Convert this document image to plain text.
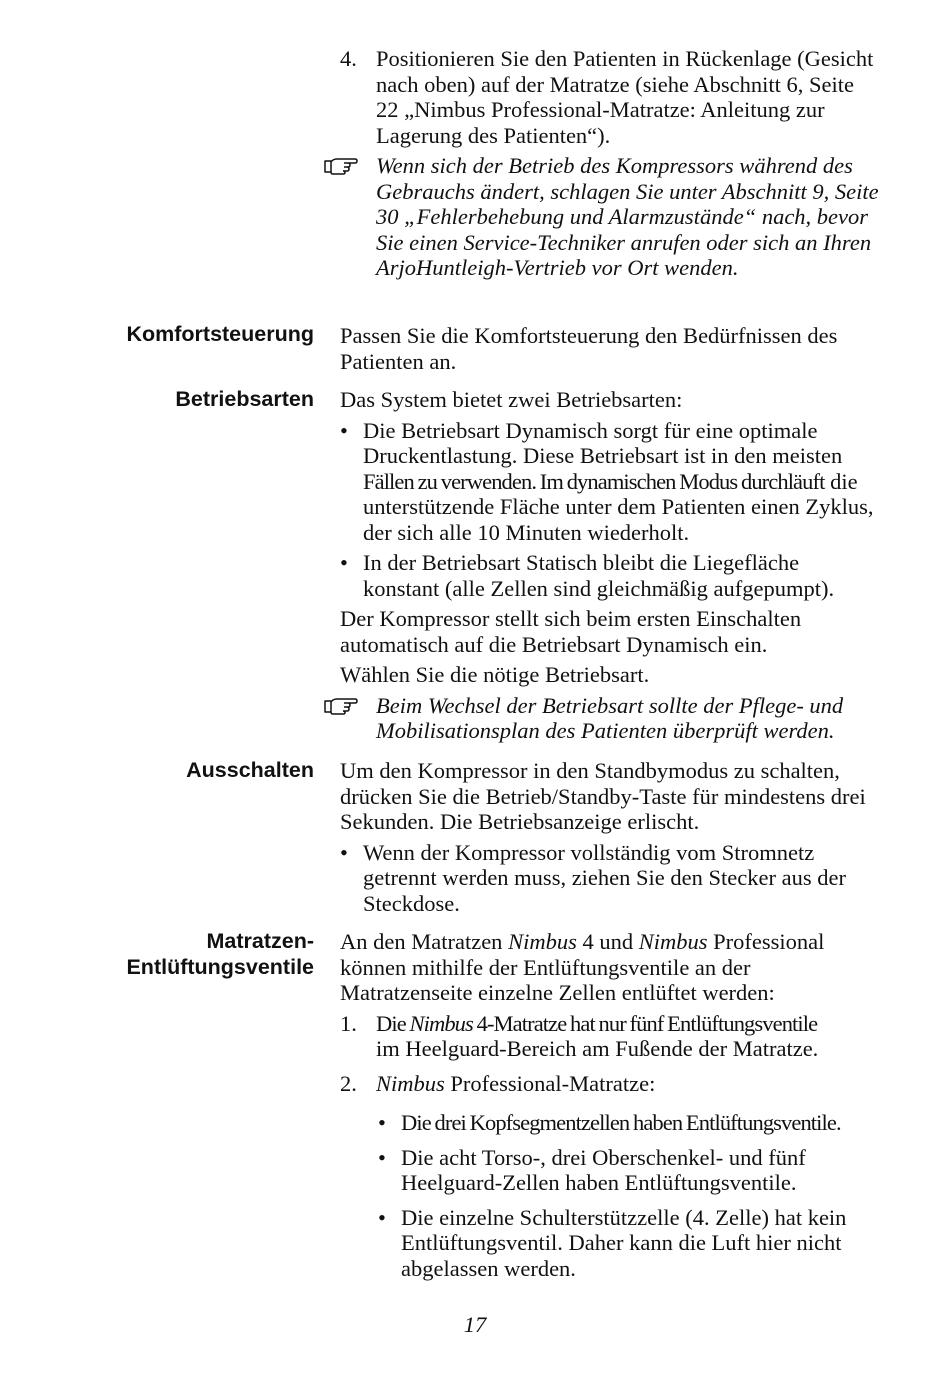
4. Positionieren Sie den Patienten in Rückenlage (Gesicht nach oben) auf der Matratze (siehe Abschnitt 6, Seite 22 „Nimbus Professional-Matratze: Anleitung zur Lagerung des Patienten“).
Wenn sich der Betrieb des Kompressors während des Gebrauchs ändert, schlagen Sie unter Abschnitt 9, Seite 30 „Fehlerbehebung und Alarmzustände“ nach, bevor Sie einen Service-Techniker anrufen oder sich an Ihren ArjoHuntleigh-Vertrieb vor Ort wenden.
Komfortsteuerung Passen Sie die Komfortsteuerung den Bedürfnissen des Patienten an.
Betriebsarten Das System bietet zwei Betriebsarten:
• Die Betriebsart Dynamisch sorgt für eine optimale Druckentlastung. Diese Betriebsart ist in den meisten Fällen zu verwenden. Im dynamischen Modus durchläuft die unterstützende Fläche unter dem Patienten einen Zyklus, der sich alle 10 Minuten wiederholt.
• In der Betriebsart Statisch bleibt die Liegefläche konstant (alle Zellen sind gleichmäßig aufgepumpt).
Der Kompressor stellt sich beim ersten Einschalten automatisch auf die Betriebsart Dynamisch ein.
Wählen Sie die nötige Betriebsart.
Beim Wechsel der Betriebsart sollte der Pflege- und Mobilisationsplan des Patienten überprüft werden.
Ausschalten Um den Kompressor in den Standbymodus zu schalten, drücken Sie die Betrieb/Standby-Taste für mindestens drei Sekunden. Die Betriebsanzeige erlischt.
• Wenn der Kompressor vollständig vom Stromnetz getrennt werden muss, ziehen Sie den Stecker aus der Steckdose.
Matratzen-
Entlüftungsventile
An den Matratzen Nimbus 4 und Nimbus Professional können mithilfe der Entlüftungsventile an der Matratzenseite einzelne Zellen entlüftet werden:
1. Die Nimbus 4-Matratze hat nur fünf Entlüftungsventile
im Heelguard-Bereich am Fußende der Matratze.
2. Nimbus Professional-Matratze:
• Die drei Kopfsegmentzellen haben Entlüftungsventile.
• Die acht Torso-, drei Oberschenkel- und fünf Heelguard-Zellen haben Entlüftungsventile.
• Die einzelne Schulterstützzelle (4. Zelle) hat kein Entlüftungsventil. Daher kann die Luft hier nicht abgelassen werden.
17
